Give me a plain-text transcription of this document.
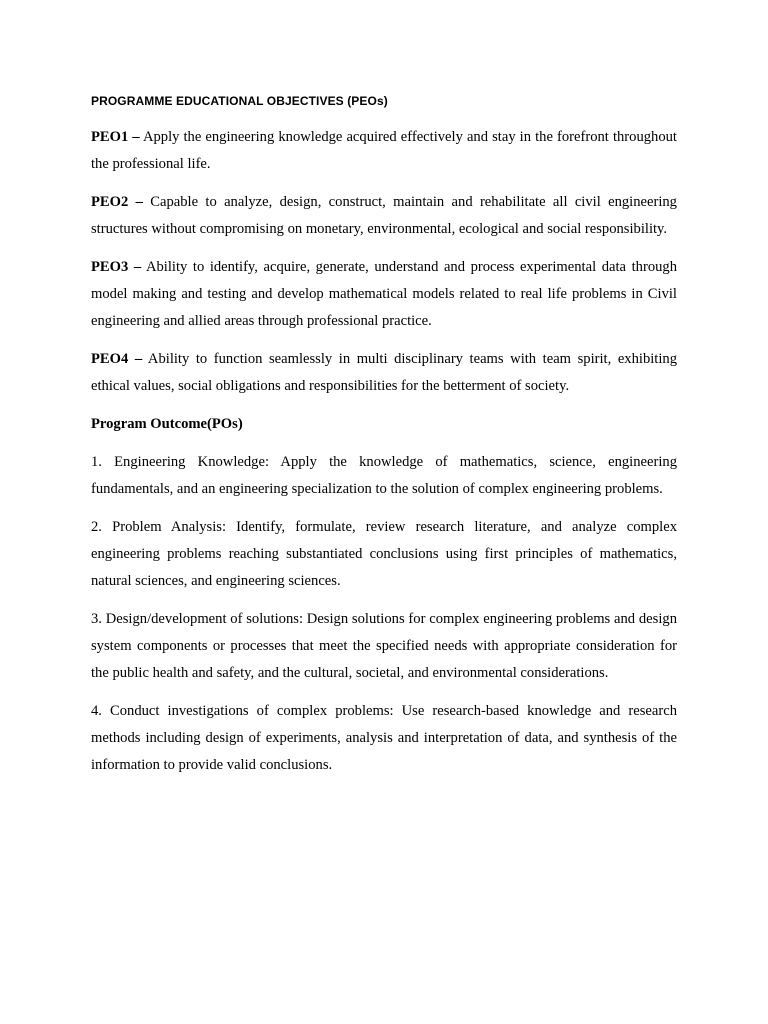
PROGRAMME EDUCATIONAL OBJECTIVES (PEOs)

PEO1 – Apply the engineering knowledge acquired effectively and stay in the forefront throughout the professional life.

PEO2 – Capable to analyze, design, construct, maintain and rehabilitate all civil engineering structures without compromising on monetary, environmental, ecological and social responsibility.

PEO3 – Ability to identify, acquire, generate, understand and process experimental data through model making and testing and develop mathematical models related to real life problems in Civil engineering and allied areas through professional practice.

PEO4 – Ability to function seamlessly in multi disciplinary teams with team spirit, exhibiting ethical values, social obligations and responsibilities for the betterment of society.

Program Outcome(POs)

1. Engineering Knowledge: Apply the knowledge of mathematics, science, engineering fundamentals, and an engineering specialization to the solution of complex engineering problems.

2. Problem Analysis: Identify, formulate, review research literature, and analyze complex engineering problems reaching substantiated conclusions using first principles of mathematics, natural sciences, and engineering sciences.

3. Design/development of solutions: Design solutions for complex engineering problems and design system components or processes that meet the specified needs with appropriate consideration for the public health and safety, and the cultural, societal, and environmental considerations.

4. Conduct investigations of complex problems: Use research-based knowledge and research methods including design of experiments, analysis and interpretation of data, and synthesis of the information to provide valid conclusions.
